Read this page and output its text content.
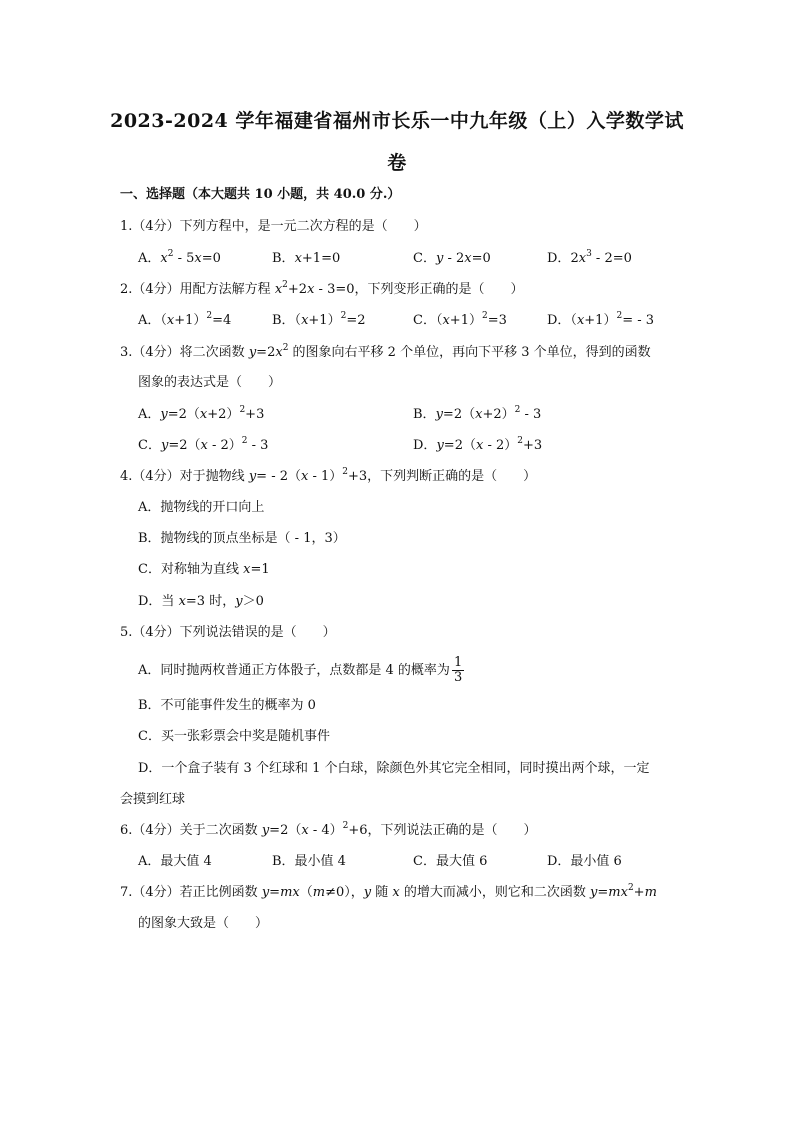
2023-2024 学年福建省福州市长乐一中九年级（上）入学数学试
卷
一、选择题（本大题共 10 小题，共 40.0 分.）
1.（4分）下列方程中，是一元二次方程的是（　　）
A．$x^2 - 5x=0$	B．x+1=0	C．y - 2x=0	D．$2x^3 - 2=0$
2.（4分）用配方法解方程 $x^2+2x - 3=0$，下列变形正确的是（　　）
A．$(x+1)^2=4$	B．$(x+1)^2=2$	C．$(x+1)^2=3$	D．$(x+1)^2= - 3$
3.（4分）将二次函数 $y=2x^2$ 的图象向右平移 2 个单位，再向下平移 3 个单位，得到的函数
图象的表达式是（　　）
A．$y=2(x+2)^2+3$	B．$y=2(x+2)^2 - 3$
C．y=2（x - 2）$^2$ - 3	D．y=2（x - 2）$^2$+3
4.（4分）对于抛物线 y= - 2（x - 1）$^2$+3，下列判断正确的是（　　）
A．抛物线的开口向上
B．抛物线的顶点坐标是（ - 1，3）
C．对称轴为直线 x=1
D．当 x=3 时，y＞0
5.（4分）下列说法错误的是（　　）
A．同时抛两枚普通正方体骰子，点数都是 4 的概率为 $\frac{1}{3}$
B．不可能事件发生的概率为 0
C．买一张彩票会中奖是随机事件
D．一个盒子装有 3 个红球和 1 个白球，除颜色外其它完全相同，同时摸出两个球，一定
会摸到红球
6.（4分）关于二次函数 y=2（x - 4）$^2$+6，下列说法正确的是（　　）
A．最大值 4	B．最小值 4	C．最大值 6	D．最小值 6
7.（4分）若正比例函数 y=mx（m≠0），y 随 x 的增大而减小，则它和二次函数 $y=mx^2+m$
的图象大致是（　　）
